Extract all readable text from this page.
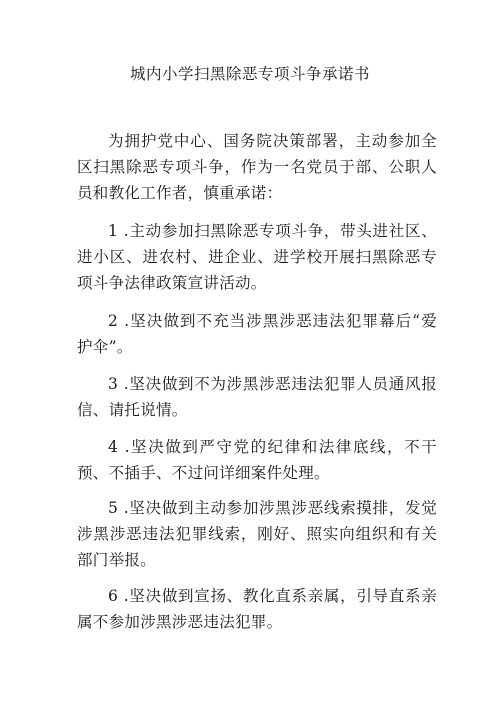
城内小学扫黑除恶专项斗争承诺书

为拥护党中心、国务院决策部署，主动参加全区扫黑除恶专项斗争，作为一名党员于部、公职人员和教化工作者，慎重承诺：

1 .主动参加扫黑除恶专项斗争，带头进社区、进小区、进农村、进企业、进学校开展扫黑除恶专项斗争法律政策宣讲活动。

2 .坚决做到不充当涉黑涉恶违法犯罪幕后“爱护伞”。

3 .坚决做到不为涉黑涉恶违法犯罪人员通风报信、请托说情。

4 .坚决做到严守党的纪律和法律底线，不干预、不插手、不过问详细案件处理。

5 .坚决做到主动参加涉黑涉恶线索摸排，发觉涉黑涉恶违法犯罪线索，刚好、照实向组织和有关部门举报。

6 .坚决做到宣扬、教化直系亲属，引导直系亲属不参加涉黑涉恶违法犯罪。
